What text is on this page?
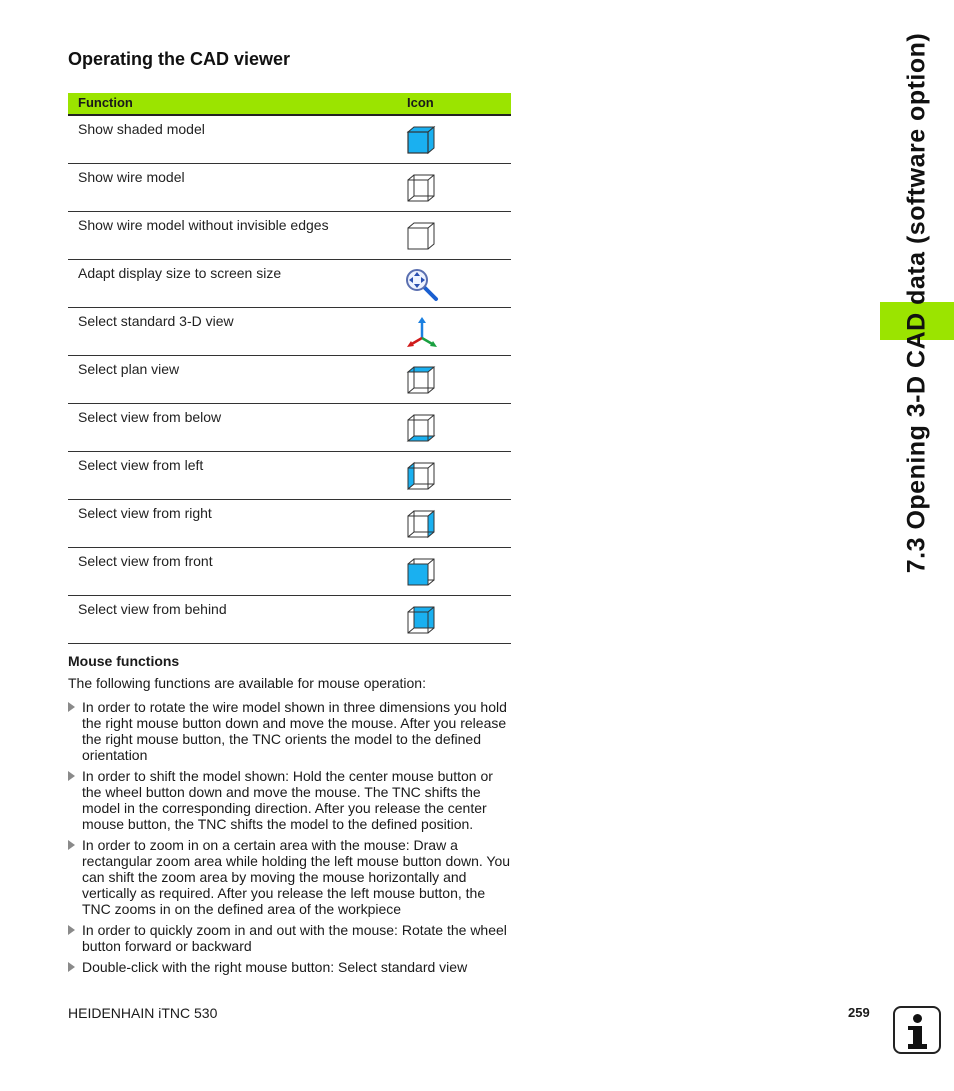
Operating the CAD viewer
Function	Icon
Show shaded model
Show wire model
Show wire model without invisible edges
Adapt display size to screen size
Select standard 3-D view
Select plan view
Select view from below
Select view from left
Select view from right
Select view from front
Select view from behind
Mouse functions
The following functions are available for mouse operation:
In order to rotate the wire model shown in three dimensions you hold the right mouse button down and move the mouse. After you release the right mouse button, the TNC orients the model to the defined orientation
In order to shift the model shown: Hold the center mouse button or the wheel button down and move the mouse. The TNC shifts the model in the corresponding direction. After you release the center mouse button, the TNC shifts the model to the defined position.
In order to zoom in on a certain area with the mouse: Draw a rectangular zoom area while holding the left mouse button down. You can shift the zoom area by moving the mouse horizontally and vertically as required. After you release the left mouse button, the TNC zooms in on the defined area of the workpiece
In order to quickly zoom in and out with the mouse: Rotate the wheel button forward or backward
Double-click with the right mouse button: Select standard view
7.3 Opening 3-D CAD data (software option)
HEIDENHAIN iTNC 530	259
